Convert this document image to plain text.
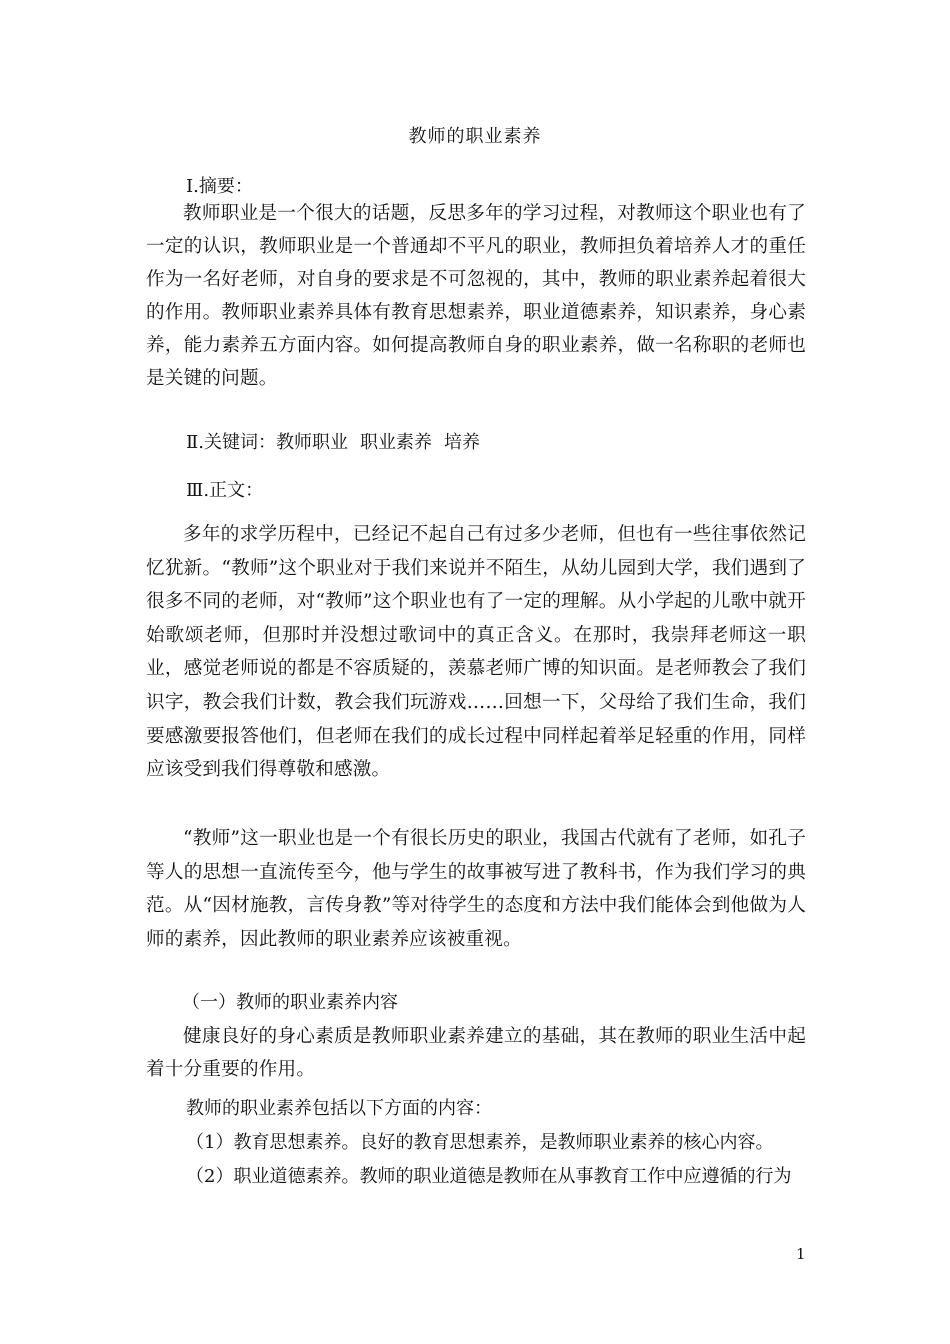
教师的职业素养
Ⅰ.摘要：
教师职业是一个很大的话题，反思多年的学习过程，对教师这个职业也有了一定的认识，教师职业是一个普通却不平凡的职业，教师担负着培养人才的重任作为一名好老师，对自身的要求是不可忽视的，其中，教师的职业素养起着很大的作用。教师职业素养具体有教育思想素养，职业道德素养，知识素养，身心素养，能力素养五方面内容。如何提高教师自身的职业素养，做一名称职的老师也是关键的问题。
Ⅱ.关键词：教师职业 职业素养 培养
Ⅲ.正文：
多年的求学历程中，已经记不起自己有过多少老师，但也有一些往事依然记忆犹新。“教师”这个职业对于我们来说并不陌生，从幼儿园到大学，我们遇到了很多不同的老师，对“教师”这个职业也有了一定的理解。从小学起的儿歌中就开始歌颂老师，但那时并没想过歌词中的真正含义。在那时，我崇拜老师这一职业，感觉老师说的都是不容质疑的，羡慕老师广博的知识面。是老师教会了我们识字，教会我们计数，教会我们玩游戏……回想一下，父母给了我们生命，我们要感激要报答他们，但老师在我们的成长过程中同样起着举足轻重的作用，同样应该受到我们得尊敬和感激。
“教师”这一职业也是一个有很长历史的职业，我国古代就有了老师，如孔子等人的思想一直流传至今，他与学生的故事被写进了教科书，作为我们学习的典范。从“因材施教，言传身教”等对待学生的态度和方法中我们能体会到他做为人师的素养，因此教师的职业素养应该被重视。
（一）教师的职业素养内容
健康良好的身心素质是教师职业素养建立的基础，其在教师的职业生活中起着十分重要的作用。
教师的职业素养包括以下方面的内容：
（1）教育思想素养。良好的教育思想素养，是教师职业素养的核心内容。
（2）职业道德素养。教师的职业道德是教师在从事教育工作中应遵循的行为
1
